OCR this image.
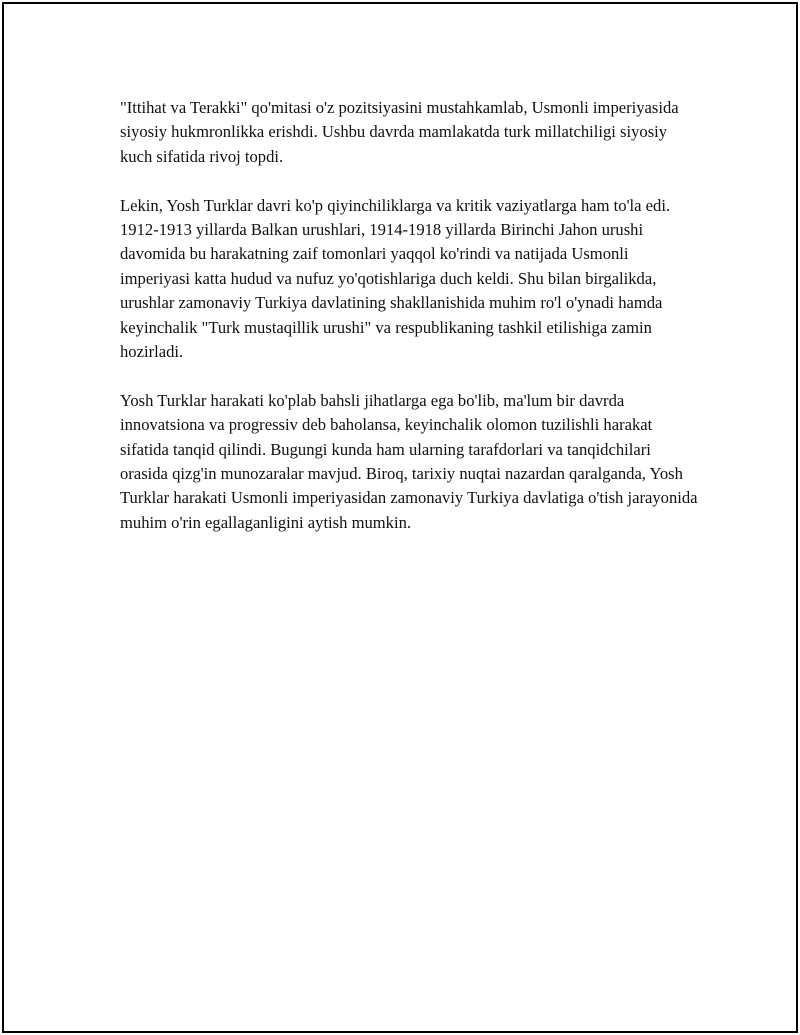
"Ittihat va Terakki" qo'mitasi o'z pozitsiyasini mustahkamlab, Usmonli imperiyasida siyosiy hukmronlikka erishdi. Ushbu davrda mamlakatda turk millatchiligi siyosiy kuch sifatida rivoj topdi.

Lekin, Yosh Turklar davri ko'p qiyinchiliklarga va kritik vaziyatlarga ham to'la edi. 1912-1913 yillarda Balkan urushlari, 1914-1918 yillarda Birinchi Jahon urushi davomida bu harakatning zaif tomonlari yaqqol ko'rindi va natijada Usmonli imperiyasi katta hudud va nufuz yo'qotishlariga duch keldi. Shu bilan birgalikda, urushlar zamonaviy Turkiya davlatining shakllanishida muhim ro'l o'ynadi hamda keyinchalik "Turk mustaqillik urushi" va respublikaning tashkil etilishiga zamin hozirladi.

Yosh Turklar harakati ko'plab bahsli jihatlarga ega bo'lib, ma'lum bir davrda innovatsiona va progressiv deb baholansa, keyinchalik olomon tuzilishli harakat sifatida tanqid qilindi. Bugungi kunda ham ularning tarafdorlari va tanqidchilari orasida qizg'in munozaralar mavjud. Biroq, tarixiy nuqtai nazardan qaralganda, Yosh Turklar harakati Usmonli imperiyasidan zamonaviy Turkiya davlatiga o'tish jarayonida muhim o'rin egallaganligini aytish mumkin.
